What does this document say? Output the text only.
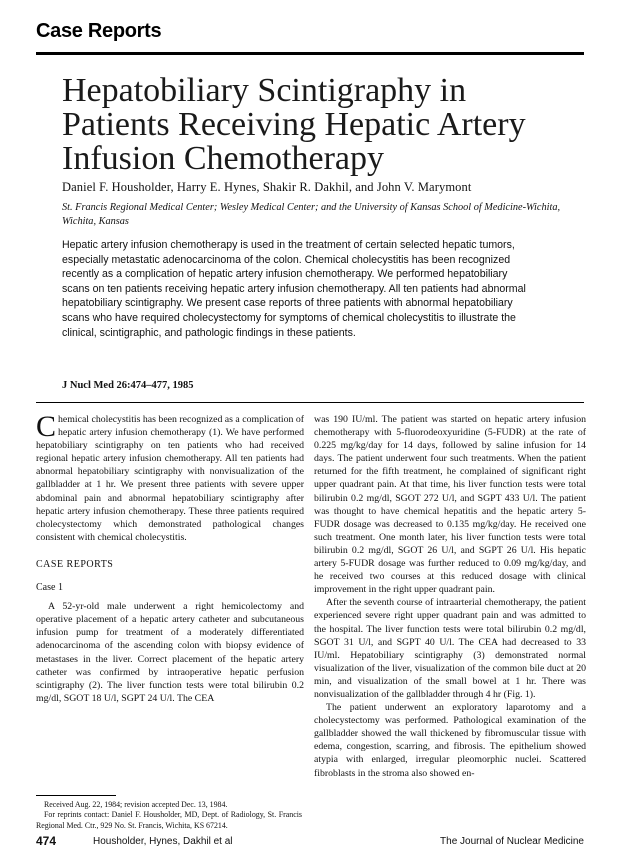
Case Reports
Hepatobiliary Scintigraphy in Patients Receiving Hepatic Artery Infusion Chemotherapy
Daniel F. Housholder, Harry E. Hynes, Shakir R. Dakhil, and John V. Marymont
St. Francis Regional Medical Center; Wesley Medical Center; and the University of Kansas School of Medicine-Wichita, Wichita, Kansas

Hepatic artery infusion chemotherapy is used in the treatment of certain selected hepatic tumors, especially metastatic adenocarcinoma of the colon. Chemical cholecystitis has been recognized recently as a complication of hepatic artery infusion chemotherapy. We performed hepatobiliary scans on ten patients receiving hepatic artery infusion chemotherapy. All ten patients had abnormal hepatobiliary scintigraphy. We present case reports of three patients with abnormal hepatobiliary scans who have required cholecystectomy for symptoms of chemical cholecystitis to illustrate the clinical, scintigraphic, and pathologic findings in these patients.

J Nucl Med 26:474–477, 1985

Chemical cholecystitis has been recognized as a complication of hepatic artery infusion chemotherapy (1). We have performed hepatobiliary scintigraphy on ten patients who had received regional hepatic artery infusion chemotherapy. All ten patients had abnormal hepatobiliary scintigraphy with nonvisualization of the gallbladder at 1 hr. We present three patients with severe upper abdominal pain and abnormal hepatobiliary scintigraphy after hepatic artery infusion chemotherapy. These three patients required cholecystectomy which demonstrated pathological changes consistent with chemical cholecystitis.

CASE REPORTS

Case 1

A 52-yr-old male underwent a right hemicolectomy and operative placement of a hepatic artery catheter and subcutaneous infusion pump for treatment of a moderately differentiated adenocarcinoma of the ascending colon with biopsy evidence of metastases in the liver. Correct placement of the hepatic artery catheter was confirmed by intraoperative hepatic perfusion scintigraphy (2). The liver function tests were total bilirubin 0.2 mg/dl, SGOT 18 U/l, SGPT 24 U/l. The CEA

Received Aug. 22, 1984; revision accepted Dec. 13, 1984.

For reprints contact: Daniel F. Housholder, MD, Dept. of Radiology, St. Francis Regional Med. Ctr., 929 No. St. Francis, Wichita, KS 67214.

was 190 IU/ml. The patient was started on hepatic artery infusion chemotherapy with 5-fluorodeoxyuridine (5-FUDR) at the rate of 0.225 mg/kg/day for 14 days, followed by saline infusion for 14 days. The patient underwent four such treatments. When the patient returned for the fifth treatment, he complained of significant right upper quadrant pain. At that time, his liver function tests were total bilirubin 0.2 mg/dl, SGOT 272 U/l, and SGPT 433 U/l. The patient was thought to have chemical hepatitis and the hepatic artery 5-FUDR dosage was decreased to 0.135 mg/kg/day. He received one such treatment. One month later, his liver function tests were total bilirubin 0.2 mg/dl, SGOT 26 U/l, and SGPT 26 U/l. His hepatic artery 5-FUDR dosage was further reduced to 0.09 mg/kg/day, and he received two courses at this reduced dosage with clinical improvement in the right upper quadrant pain.

After the seventh course of intraarterial chemotherapy, the patient experienced severe right upper quadrant pain and was admitted to the hospital. The liver function tests were total bilirubin 0.2 mg/dl, SGOT 31 U/l, and SGPT 40 U/l. The CEA had decreased to 33 IU/ml. Hepatobiliary scintigraphy (3) demonstrated normal visualization of the liver, visualization of the common bile duct at 20 min, and visualization of the small bowel at 1 hr. There was nonvisualization of the gallbladder through 4 hr (Fig. 1).

The patient underwent an exploratory laparotomy and a cholecystectomy was performed. Pathological examination of the gallbladder showed the wall thickened by fibromuscular tissue with edema, congestion, scarring, and fibrosis. The epithelium showed atypia with enlarged, irregular pleomorphic nuclei. Scattered fibroblasts in the stroma also showed en-

474	Housholder, Hynes, Dakhil et al	The Journal of Nuclear Medicine
